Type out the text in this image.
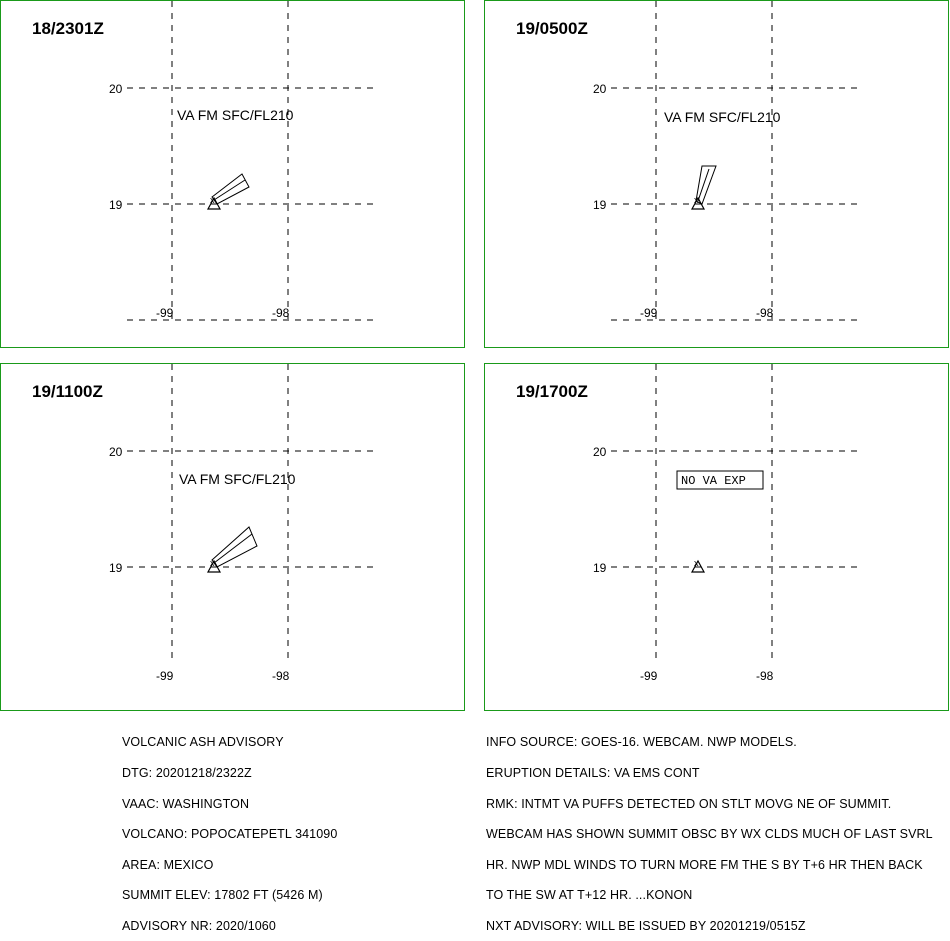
18/2301Z
20
19
-99	-98
VA FM SFC/FL210
x
19/0500Z
20
19
-99	-98
VA FM SFC/FL210
x
19/1100Z
20
19
-99	-98
VA FM SFC/FL210
x
19/1700Z
20
19
-99	-98
NO VA EXP
x

VOLCANIC ASH ADVISORY

DTG: 20201218/2322Z

VAAC: WASHINGTON

VOLCANO: POPOCATEPETL 341090

AREA: MEXICO

SUMMIT ELEV: 17802 FT (5426 M)

ADVISORY NR: 2020/1060

INFO SOURCE: GOES-16. WEBCAM. NWP MODELS.

ERUPTION DETAILS: VA EMS CONT

RMK: INTMT VA PUFFS DETECTED ON STLT MOVG NE OF SUMMIT.

WEBCAM HAS SHOWN SUMMIT OBSC BY WX CLDS MUCH OF LAST SVRL

HR. NWP MDL WINDS TO TURN MORE FM THE S BY T+6 HR THEN BACK

TO THE SW AT T+12 HR. ...KONON

NXT ADVISORY: WILL BE ISSUED BY 20201219/0515Z
